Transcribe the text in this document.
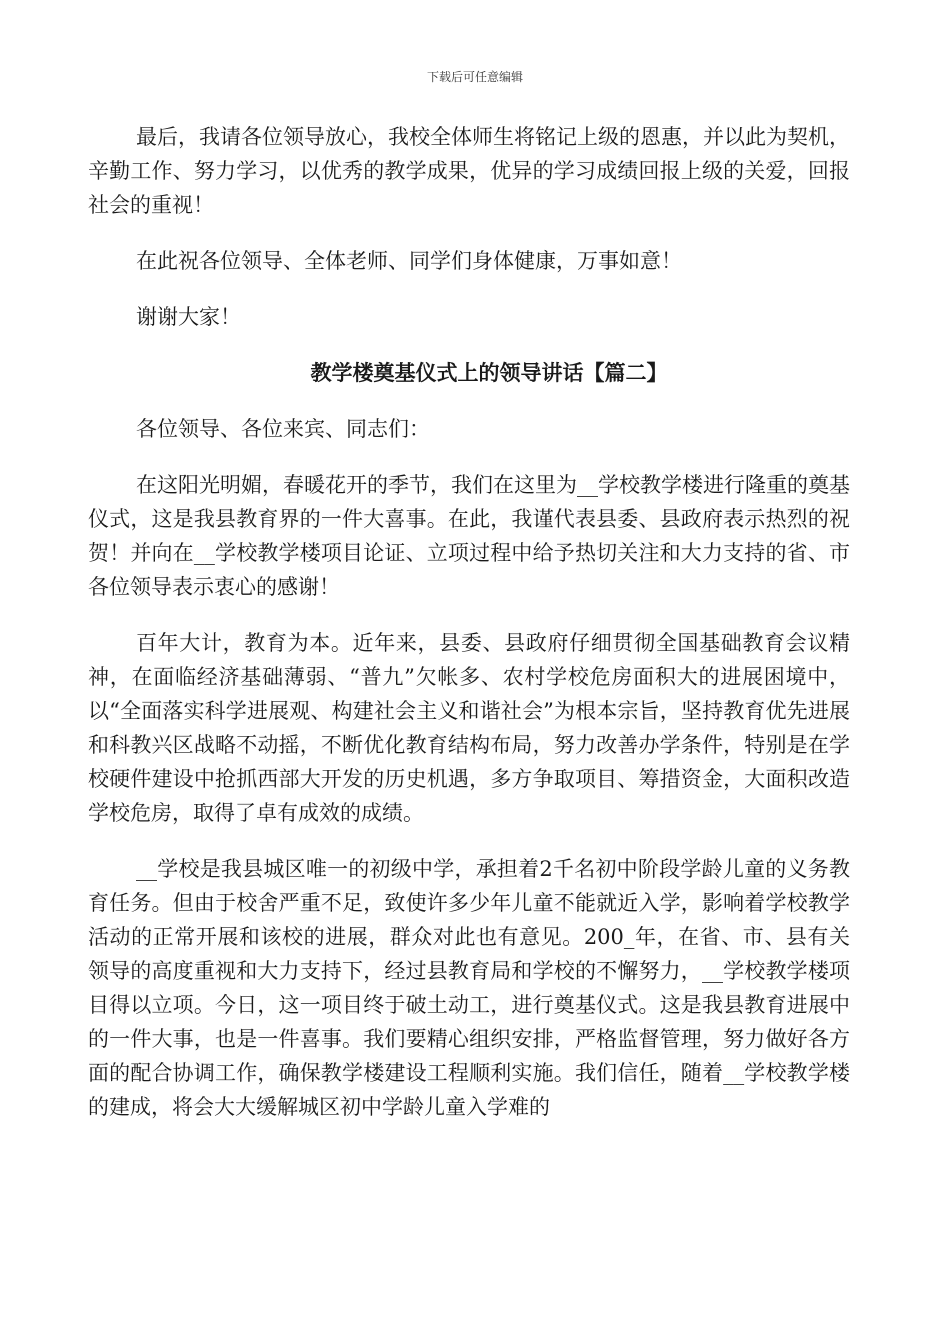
下载后可任意编辑

最后，我请各位领导放心，我校全体师生将铭记上级的恩惠，并以此为契机，辛勤工作、努力学习，以优秀的教学成果，优异的学习成绩回报上级的关爱，回报社会的重视！

在此祝各位领导、全体老师、同学们身体健康，万事如意！

谢谢大家！

教学楼奠基仪式上的领导讲话【篇二】

各位领导、各位来宾、同志们：

在这阳光明媚，春暖花开的季节，我们在这里为__学校教学楼进行隆重的奠基仪式，这是我县教育界的一件大喜事。在此，我谨代表县委、县政府表示热烈的祝贺！并向在__学校教学楼项目论证、立项过程中给予热切关注和大力支持的省、市各位领导表示衷心的感谢！

百年大计，教育为本。近年来，县委、县政府仔细贯彻全国基础教育会议精神，在面临经济基础薄弱、“普九”欠帐多、农村学校危房面积大的进展困境中，以“全面落实科学进展观、构建社会主义和谐社会”为根本宗旨，坚持教育优先进展和科教兴区战略不动摇，不断优化教育结构布局，努力改善办学条件，特别是在学校硬件建设中抢抓西部大开发的历史机遇，多方争取项目、筹措资金，大面积改造学校危房，取得了卓有成效的成绩。

__学校是我县城区唯一的初级中学，承担着2千名初中阶段学龄儿童的义务教育任务。但由于校舍严重不足，致使许多少年儿童不能就近入学，影响着学校教学活动的正常开展和该校的进展，群众对此也有意见。200_年，在省、市、县有关领导的高度重视和大力支持下，经过县教育局和学校的不懈努力，__学校教学楼项目得以立项。今日，这一项目终于破土动工，进行奠基仪式。这是我县教育进展中的一件大事，也是一件喜事。我们要精心组织安排，严格监督管理，努力做好各方面的配合协调工作，确保教学楼建设工程顺利实施。我们信任，随着__学校教学楼的建成，将会大大缓解城区初中学龄儿童入学难的
